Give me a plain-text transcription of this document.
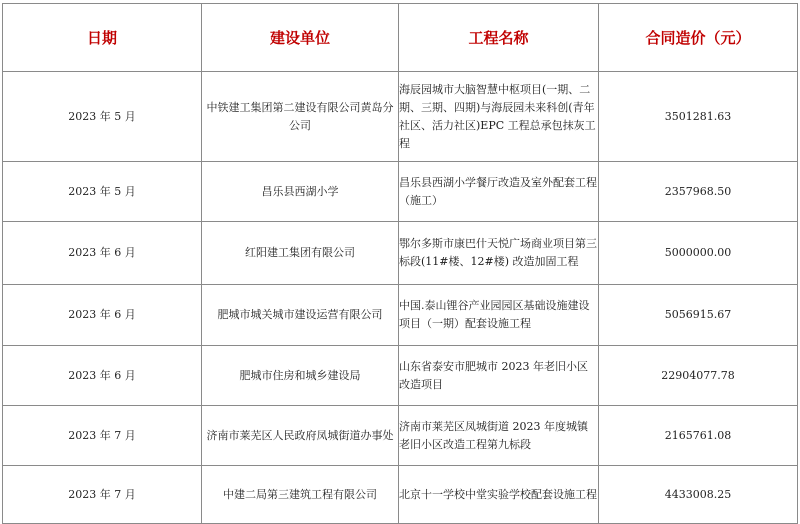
日期	建设单位	工程名称	合同造价（元）
2023 年 5 月	中铁建工集团第二建设有限公司黄岛分公司	海辰园城市大脑智慧中枢项目(一期、二期、三期、四期)与海辰园未来科创(青年社区、活力社区)EPC 工程总承包抹灰工程	3501281.63
2023 年 5 月	昌乐县西湖小学	昌乐县西湖小学餐厅改造及室外配套工程（施工）	2357968.50
2023 年 6 月	红阳建工集团有限公司	鄂尔多斯市康巴什天悦广场商业项目第三标段(11#楼、12#楼) 改造加固工程	5000000.00
2023 年 6 月	肥城市城关城市建设运营有限公司	中国.泰山锂谷产业园园区基础设施建设项目（一期）配套设施工程	5056915.67
2023 年 6 月	肥城市住房和城乡建设局	山东省泰安市肥城市 2023 年老旧小区改造项目	22904077.78
2023 年 7 月	济南市莱芜区人民政府凤城街道办事处	济南市莱芜区凤城街道 2023 年度城镇老旧小区改造工程第九标段	2165761.08
2023 年 7 月	中建二局第三建筑工程有限公司	北京十一学校中堂实验学校配套设施工程	4433008.25
